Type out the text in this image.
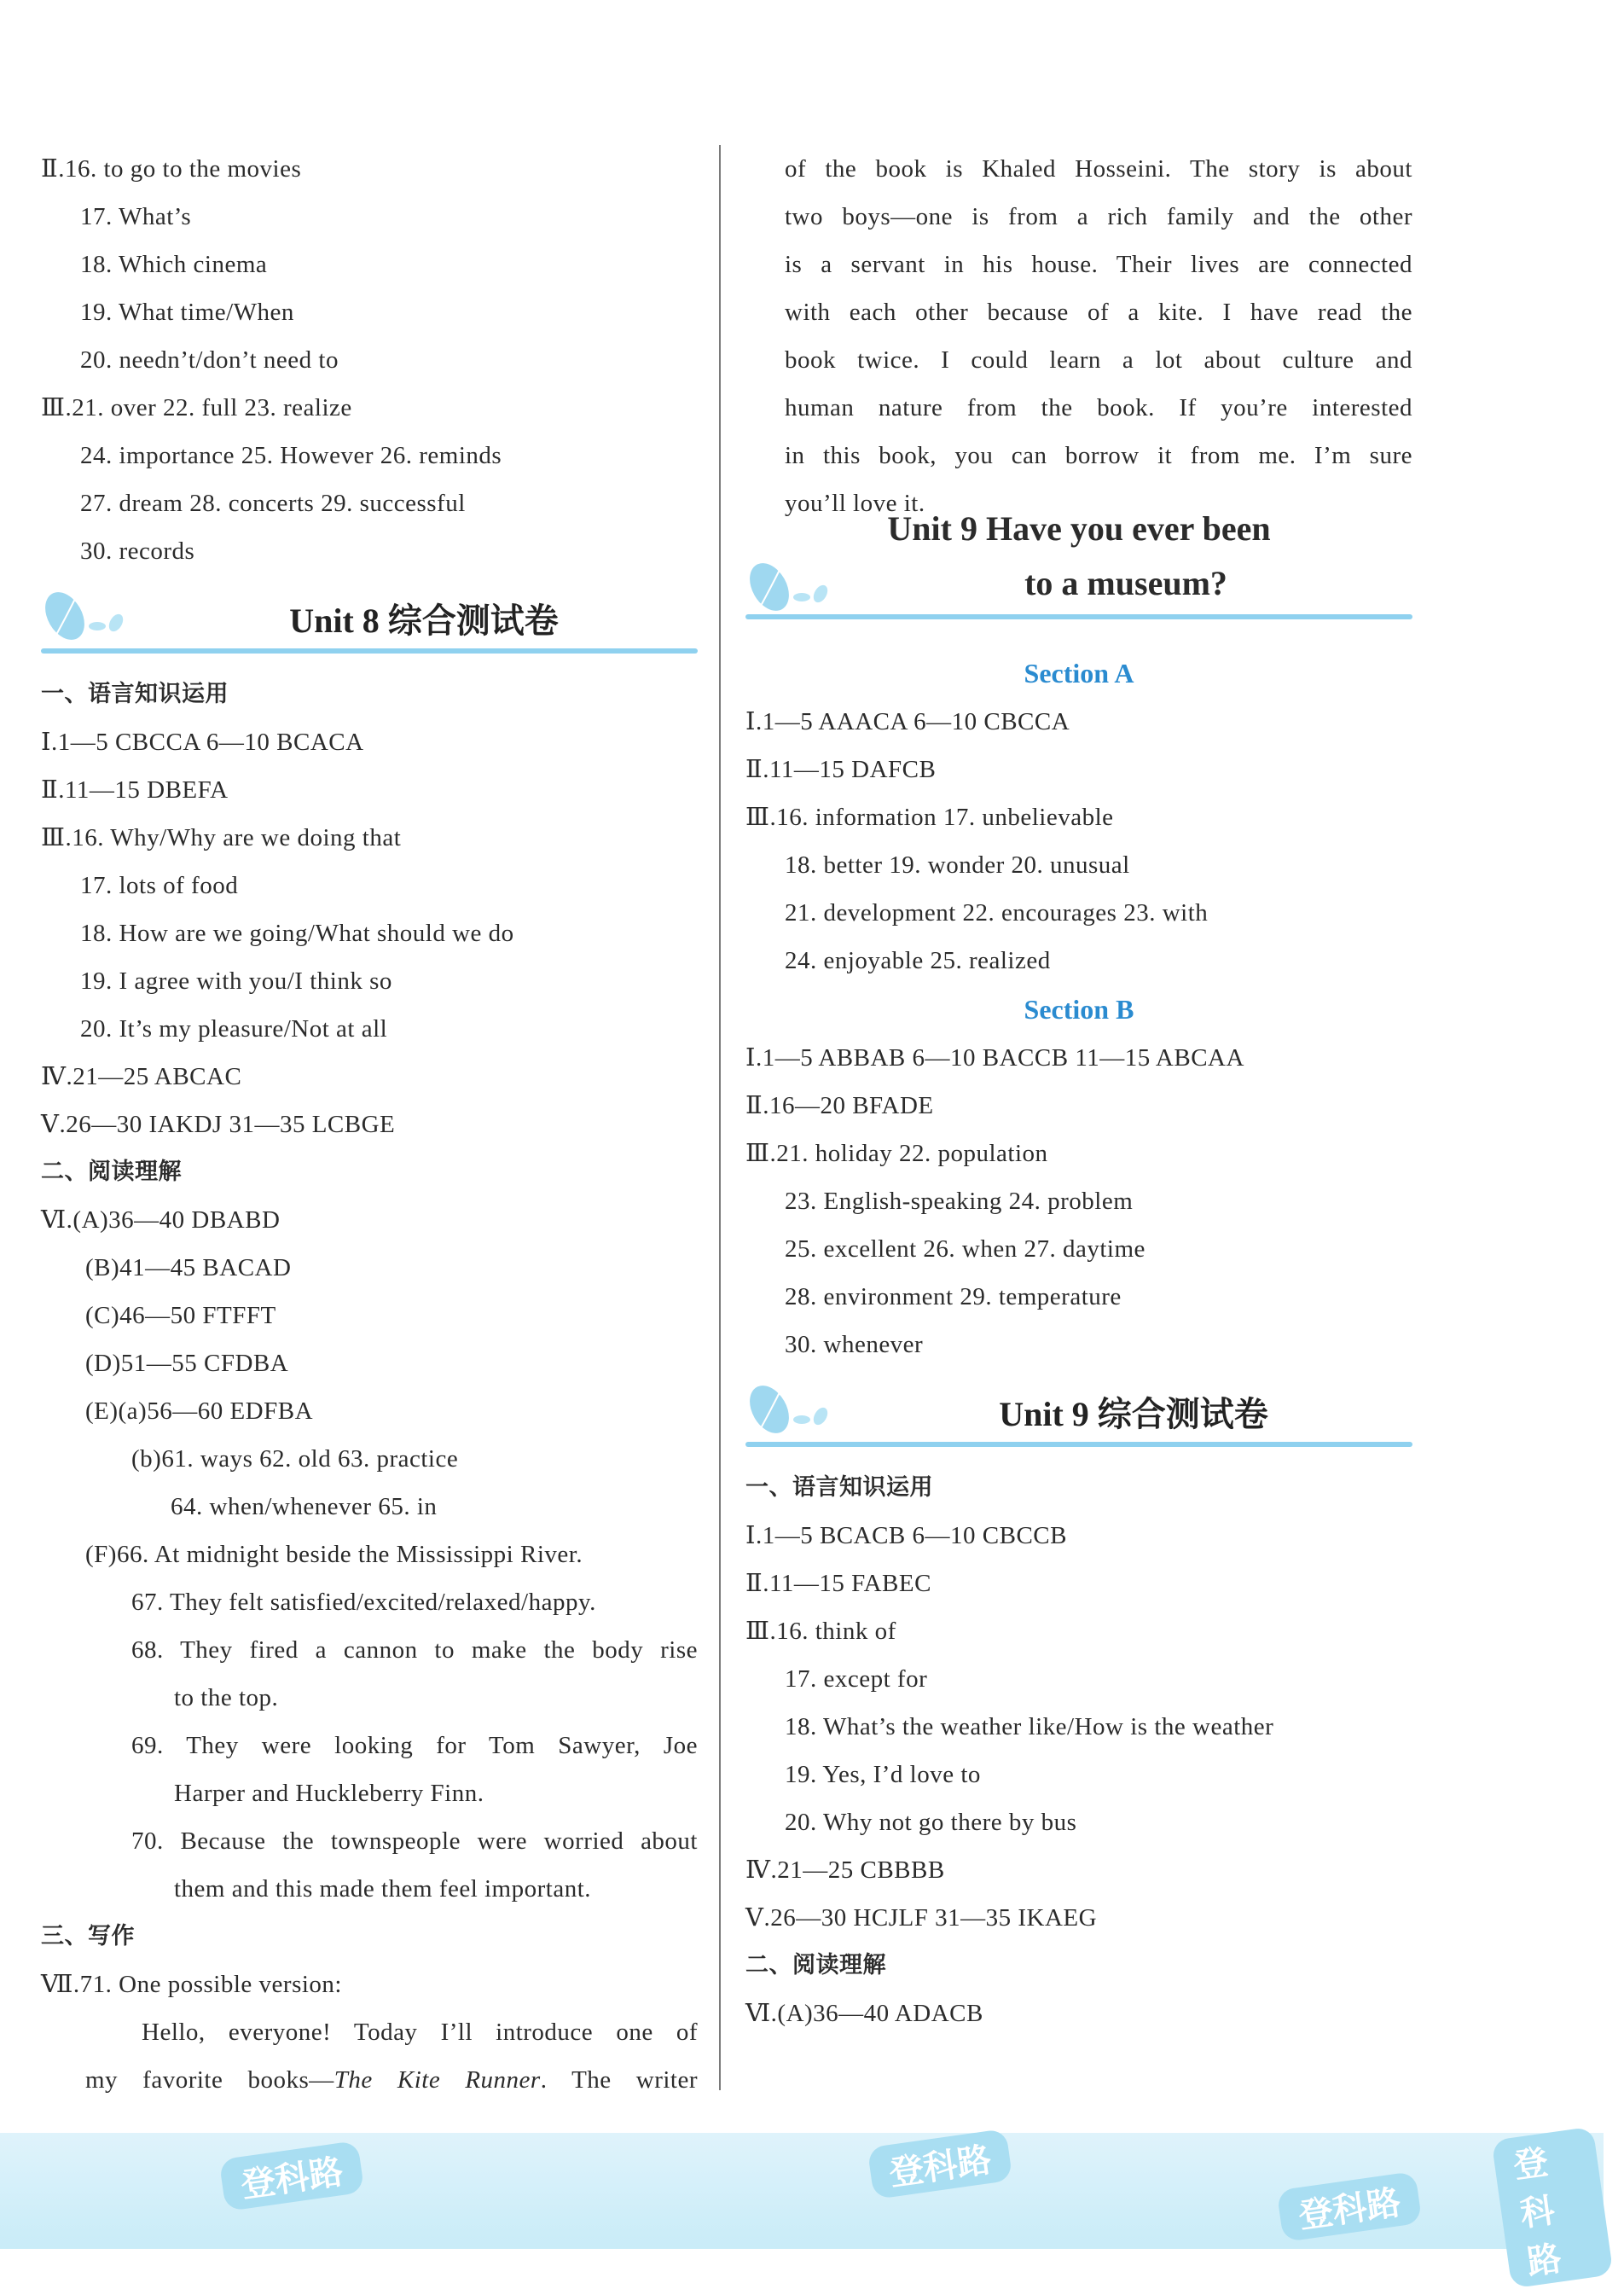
Ⅱ.16. to go to the movies
17. What’s
18. Which cinema
19. What time/When
20. needn’t/don’t need to
Ⅲ.21. over 22. full 23. realize
24. importance 25. However 26. reminds
27. dream 28. concerts 29. successful
30. records
Unit 8 综合测试卷
一、语言知识运用
Ⅰ.1—5 CBCCA 6—10 BCACA
Ⅱ.11—15 DBEFA
Ⅲ.16. Why/Why are we doing that
17. lots of food
18. How are we going/What should we do
19. I agree with you/I think so
20. It’s my pleasure/Not at all
Ⅳ.21—25 ABCAC
Ⅴ.26—30 IAKDJ 31—35 LCBGE
二、阅读理解
Ⅵ.(A)36—40 DBABD
(B)41—45 BACAD
(C)46—50 FTFFT
(D)51—55 CFDBA
(E)(a)56—60 EDFBA
(b)61. ways 62. old 63. practice
64. when/whenever 65. in
(F)66. At midnight beside the Mississippi River.
67. They felt satisfied/excited/relaxed/happy.
68. They fired a cannon to make the body rise
to the top.
69. They were looking for Tom Sawyer, Joe
Harper and Huckleberry Finn.
70. Because the townspeople were worried about
them and this made them feel important.
三、写作
Ⅶ.71. One possible version:
Hello, everyone! Today I’ll introduce one of
my favorite books—The Kite Runner. The writer
of the book is Khaled Hosseini. The story is about
two boys—one is from a rich family and the other
is a servant in his house. Their lives are connected
with each other because of a kite. I have read the
book twice. I could learn a lot about culture and
human nature from the book. If you’re interested
in this book, you can borrow it from me. I’m sure
you’ll love it.
Unit 9 Have you ever been
to a museum?
Section A
Ⅰ.1—5 AAACA 6—10 CBCCA
Ⅱ.11—15 DAFCB
Ⅲ.16. information 17. unbelievable
18. better 19. wonder 20. unusual
21. development 22. encourages 23. with
24. enjoyable 25. realized
Section B
Ⅰ.1—5 ABBAB 6—10 BACCB 11—15 ABCAA
Ⅱ.16—20 BFADE
Ⅲ.21. holiday 22. population
23. English-speaking 24. problem
25. excellent 26. when 27. daytime
28. environment 29. temperature
30. whenever
Unit 9 综合测试卷
一、语言知识运用
Ⅰ.1—5 BCACB 6—10 CBCCB
Ⅱ.11—15 FABEC
Ⅲ.16. think of
17. except for
18. What’s the weather like/How is the weather
19. Yes, I’d love to
20. Why not go there by bus
Ⅳ.21—25 CBBBB
Ⅴ.26—30 HCJLF 31—35 IKAEG
二、阅读理解
Ⅵ.(A)36—40 ADACB
登科路	登科路
登科路
登科路
